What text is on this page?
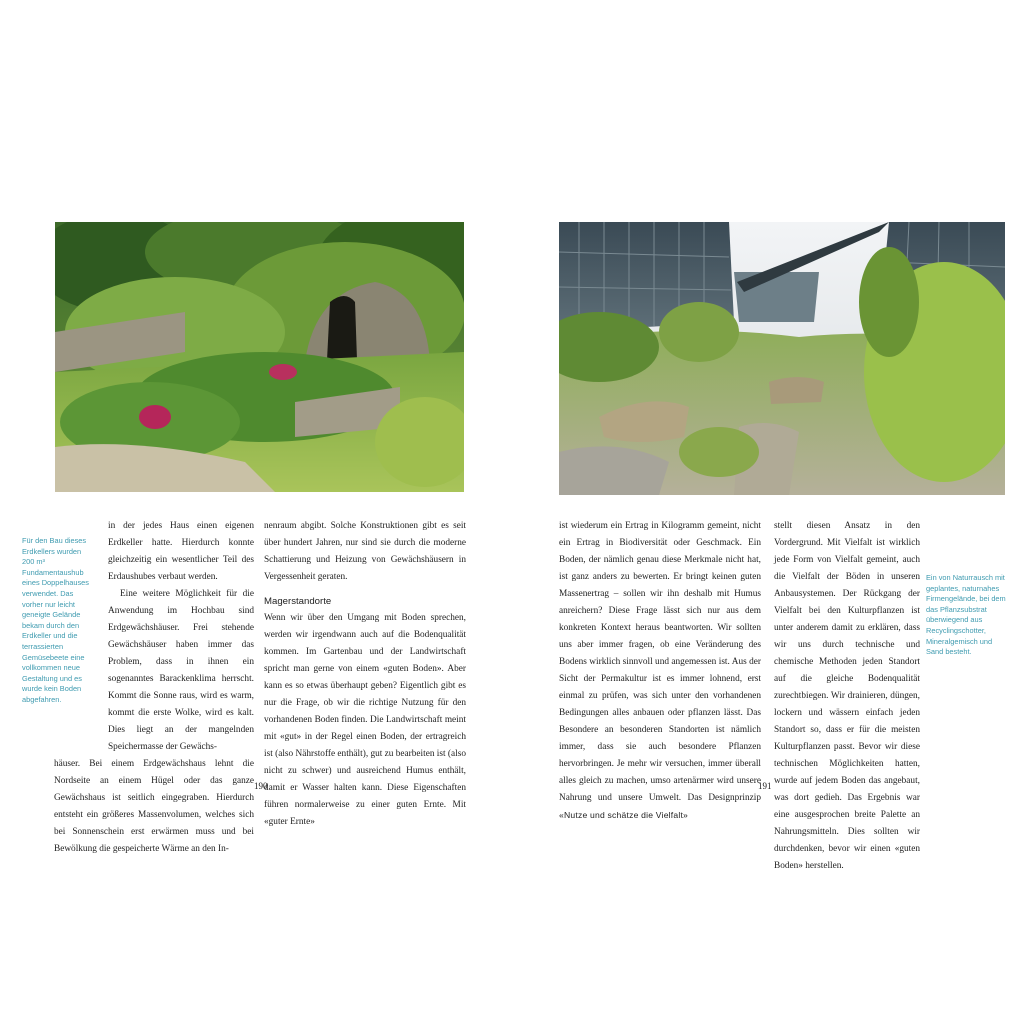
Für den Bau dieses Erdkellers wurden 200 m³ Fundamentaushub eines Doppelhauses verwendet. Das vorher nur leicht geneigte Gelände bekam durch den Erdkeller und die terrassierten Gemüsebeete eine vollkommen neue Gestaltung und es wurde kein Boden abgefahren.

in der jedes Haus einen eigenen Erdkeller hatte. Hierdurch konnte gleichzeitig ein wesentlicher Teil des Erdaushubes verbaut werden.

Eine weitere Möglichkeit für die Anwendung im Hochbau sind Erdgewächshäuser. Frei stehende Gewächshäuser haben immer das Problem, dass in ihnen ein sogenanntes Barackenklima herrscht. Kommt die Sonne raus, wird es warm, kommt die erste Wolke, wird es kalt. Dies liegt an der mangelnden Speichermasse der Gewächs-

häuser. Bei einem Erdgewächshaus lehnt die Nordseite an einem Hügel oder das ganze Gewächshaus ist seitlich eingegraben. Hierdurch entsteht ein größeres Massenvolumen, welches sich bei Sonnenschein erst erwärmen muss und bei Bewölkung die gespeicherte Wärme an den In-

nenraum abgibt. Solche Konstruktionen gibt es seit über hundert Jahren, nur sind sie durch die moderne Schattierung und Heizung von Gewächshäusern in Vergessenheit geraten.

Magerstandorte

Wenn wir über den Umgang mit Boden sprechen, werden wir irgendwann auch auf die Bodenqualität kommen. Im Gartenbau und der Landwirtschaft spricht man gerne von einem «guten Boden». Aber kann es so etwas überhaupt geben? Eigentlich gibt es nur die Frage, ob wir die richtige Nutzung für den vorhandenen Boden finden. Die Landwirtschaft meint mit «gut» in der Regel einen Boden, der ertragreich ist (also Nährstoffe enthält), gut zu bearbeiten ist (also nicht zu schwer) und ausreichend Humus enthält, damit er Wasser halten kann. Diese Eigenschaften führen normalerweise zu einer guten Ernte. Mit «guter Ernte»

190

ist wiederum ein Ertrag in Kilogramm gemeint, nicht ein Ertrag in Biodiversität oder Geschmack. Ein Boden, der nämlich genau diese Merkmale nicht hat, ist ganz anders zu bewerten. Er bringt keinen guten Massenertrag – sollen wir ihn deshalb mit Humus anreichern? Diese Frage lässt sich nur aus dem konkreten Kontext heraus beantworten. Wir sollten uns aber immer fragen, ob eine Veränderung des Bodens wirklich sinnvoll und angemessen ist. Aus der Sicht der Permakultur ist es immer lohnend, erst einmal zu prüfen, was sich unter den vorhandenen Bedingungen alles anbauen oder pflanzen lässt. Das Besondere an besonderen Standorten ist nämlich immer, dass sie auch besondere Pflanzen hervorbringen. Je mehr wir versuchen, immer überall alles gleich zu machen, umso artenärmer wird unsere Nahrung und unsere Umwelt. Das Designprinzip «Nutze und schätze die Vielfalt»

stellt diesen Ansatz in den Vordergrund. Mit Vielfalt ist wirklich jede Form von Vielfalt gemeint, auch die Vielfalt der Böden in unseren Anbausystemen. Der Rückgang der Vielfalt bei den Kulturpflanzen ist unter anderem damit zu erklären, dass wir uns durch technische und chemische Methoden jeden Standort auf die gleiche Bodenqualität zurechtbiegen. Wir drainieren, düngen, lockern und wässern einfach jeden Standort so, dass er für die meisten Kulturpflanzen passt. Bevor wir diese technischen Möglichkeiten hatten, wurde auf jedem Boden das angebaut, was dort gedieh. Das Ergebnis war eine ausgesprochen breite Palette an Nahrungsmitteln. Dies sollten wir durchdenken, bevor wir einen «guten Boden» herstellen.

Ein von Naturrausch mit geplantes, naturnahes Firmengelände, bei dem das Pflanzsubstrat überwiegend aus Recyclingschotter, Mineralgemisch und Sand besteht.

191
